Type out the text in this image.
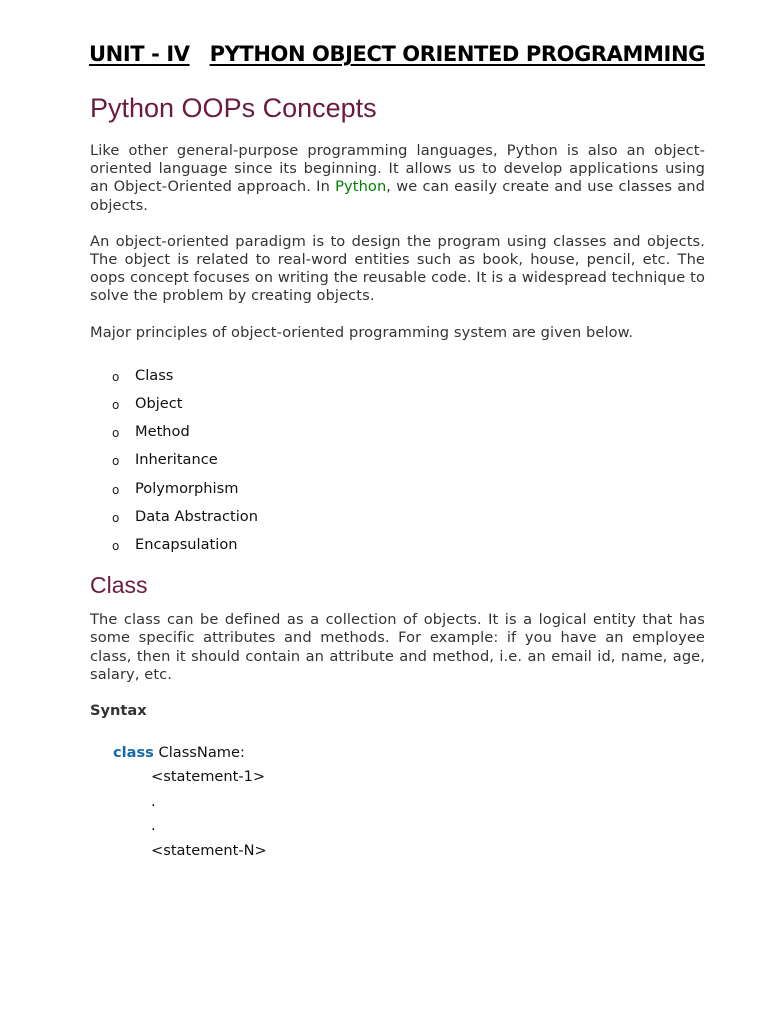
UNIT - IV PYTHON OBJECT ORIENTED PROGRAMMING
Python OOPs Concepts

Like other general-purpose programming languages, Python is also an object-oriented language since its beginning. It allows us to develop applications using an Object-Oriented approach. In Python, we can easily create and use classes and objects.

An object-oriented paradigm is to design the program using classes and objects. The object is related to real-word entities such as book, house, pencil, etc. The oops concept focuses on writing the reusable code. It is a widespread technique to solve the problem by creating objects.

Major principles of object-oriented programming system are given below.

o Class
o Object
o Method
o Inheritance
o Polymorphism
o Data Abstraction
o Encapsulation
Class

The class can be defined as a collection of objects. It is a logical entity that has some specific attributes and methods. For example: if you have an employee class, then it should contain an attribute and method, i.e. an email id, name, age, salary, etc.

Syntax
class ClassName:
<statement-1>
.
.
<statement-N>
